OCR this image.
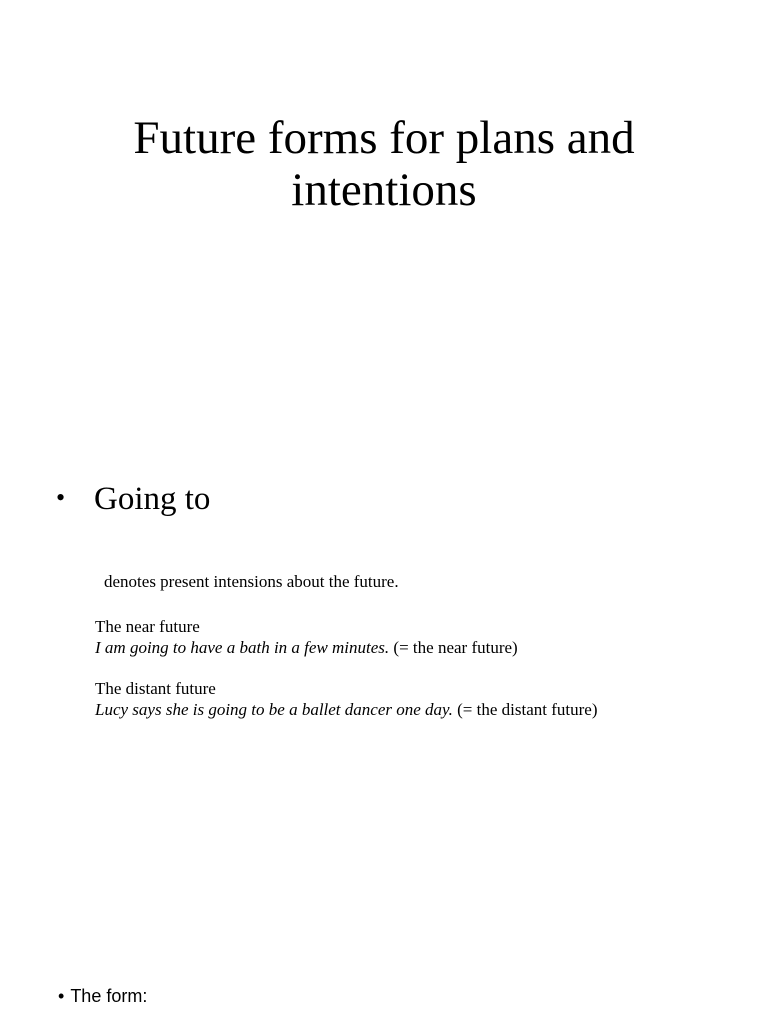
Future forms for plans and
intentions
• Going to
denotes present intensions about the future.
The near future
I am going to have a bath in a few minutes. (= the near future)
The distant future
Lucy says she is going to be a ballet dancer one day. (= the distant future)
• The form:
